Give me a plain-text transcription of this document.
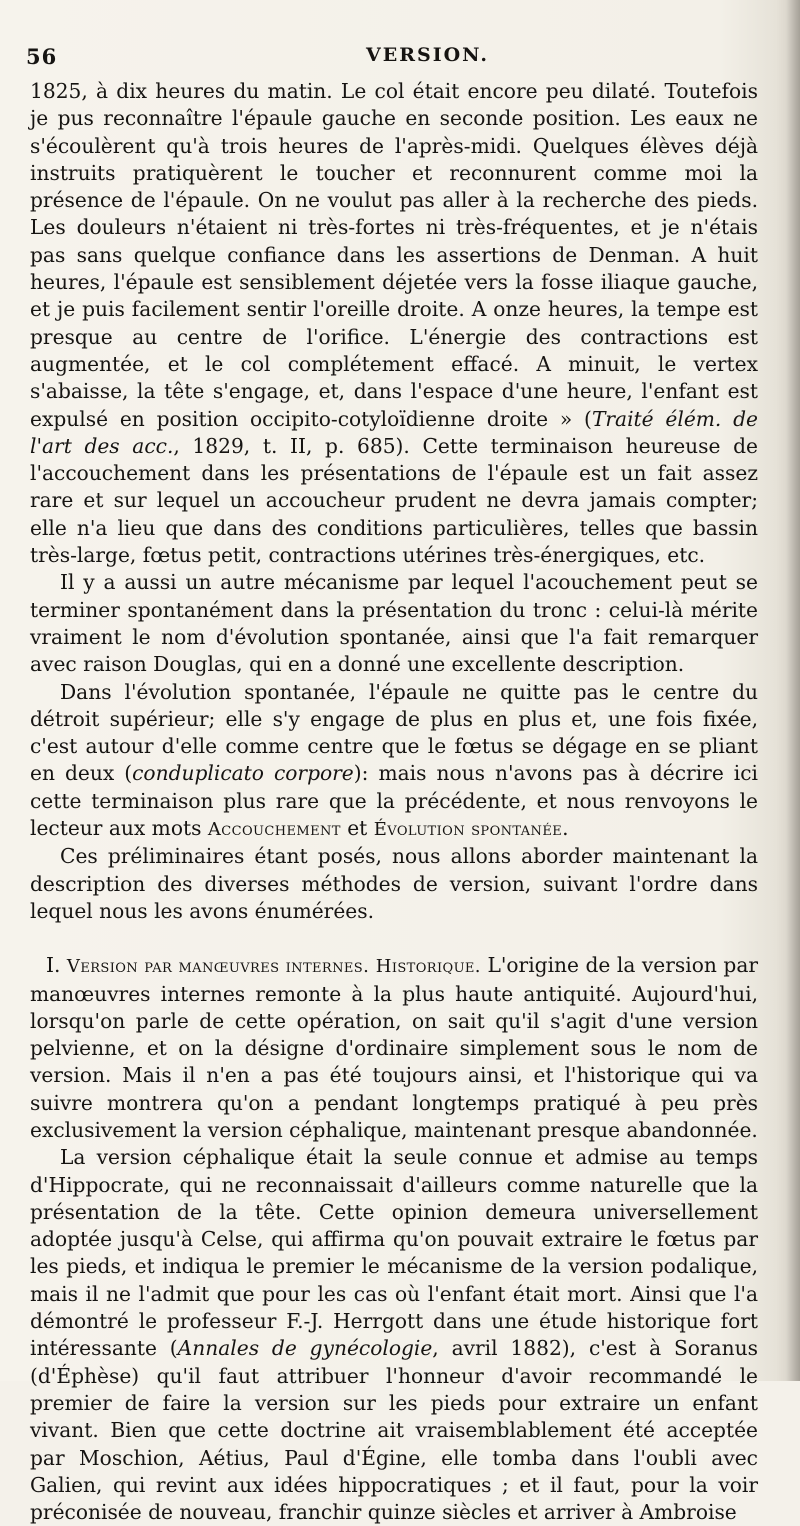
56	VERSION.

1825, à dix heures du matin. Le col était encore peu dilaté. Toutefois je pus reconnaître l'épaule gauche en seconde position. Les eaux ne s'écoulèrent qu'à trois heures de l'après-midi. Quelques élèves déjà instruits pratiquèrent le toucher et reconnurent comme moi la présence de l'épaule. On ne voulut pas aller à la recherche des pieds. Les douleurs n'étaient ni très-fortes ni très-fréquentes, et je n'étais pas sans quelque confiance dans les assertions de Denman. A huit heures, l'épaule est sensiblement déjetée vers la fosse iliaque gauche, et je puis facilement sentir l'oreille droite. A onze heures, la tempe est presque au centre de l'orifice. L'énergie des contractions est augmentée, et le col complétement effacé. A minuit, le vertex s'abaisse, la tête s'engage, et, dans l'espace d'une heure, l'enfant est expulsé en position occipito-cotyloïdienne droite » (Traité élém. de l'art des acc., 1829, t. II, p. 685). Cette terminaison heureuse de l'accouchement dans les présentations de l'épaule est un fait assez rare et sur lequel un accoucheur prudent ne devra jamais compter; elle n'a lieu que dans des conditions particulières, telles que bassin très-large, fœtus petit, contractions utérines très-énergiques, etc.

Il y a aussi un autre mécanisme par lequel l'acouchement peut se terminer spontanément dans la présentation du tronc : celui-là mérite vraiment le nom d'évolution spontanée, ainsi que l'a fait remarquer avec raison Douglas, qui en a donné une excellente description.

Dans l'évolution spontanée, l'épaule ne quitte pas le centre du détroit supérieur; elle s'y engage de plus en plus et, une fois fixée, c'est autour d'elle comme centre que le fœtus se dégage en se pliant en deux (conduplicato corpore): mais nous n'avons pas à décrire ici cette terminaison plus rare que la précédente, et nous renvoyons le lecteur aux mots Accouchement et Évolution spontanée.

Ces préliminaires étant posés, nous allons aborder maintenant la description des diverses méthodes de version, suivant l'ordre dans lequel nous les avons énumérées.

I. Version par manœuvres internes. Historique. L'origine de la version par manœuvres internes remonte à la plus haute antiquité. Aujourd'hui, lorsqu'on parle de cette opération, on sait qu'il s'agit d'une version pelvienne, et on la désigne d'ordinaire simplement sous le nom de version. Mais il n'en a pas été toujours ainsi, et l'historique qui va suivre montrera qu'on a pendant longtemps pratiqué à peu près exclusivement la version céphalique, maintenant presque abandonnée.

La version céphalique était la seule connue et admise au temps d'Hippocrate, qui ne reconnaissait d'ailleurs comme naturelle que la présentation de la tête. Cette opinion demeura universellement adoptée jusqu'à Celse, qui affirma qu'on pouvait extraire le fœtus par les pieds, et indiqua le premier le mécanisme de la version podalique, mais il ne l'admit que pour les cas où l'enfant était mort. Ainsi que l'a démontré le professeur F.-J. Herrgott dans une étude historique fort intéressante (Annales de gynécologie, avril 1882), c'est à Soranus (d'Éphèse) qu'il faut attribuer l'honneur d'avoir recommandé le premier de faire la version sur les pieds pour extraire un enfant vivant. Bien que cette doctrine ait vraisemblablement été acceptée par Moschion, Aétius, Paul d'Égine, elle tomba dans l'oubli avec Galien, qui revint aux idées hippocratiques ; et il faut, pour la voir préconisée de nouveau, franchir quinze siècles et arriver à Ambroise
